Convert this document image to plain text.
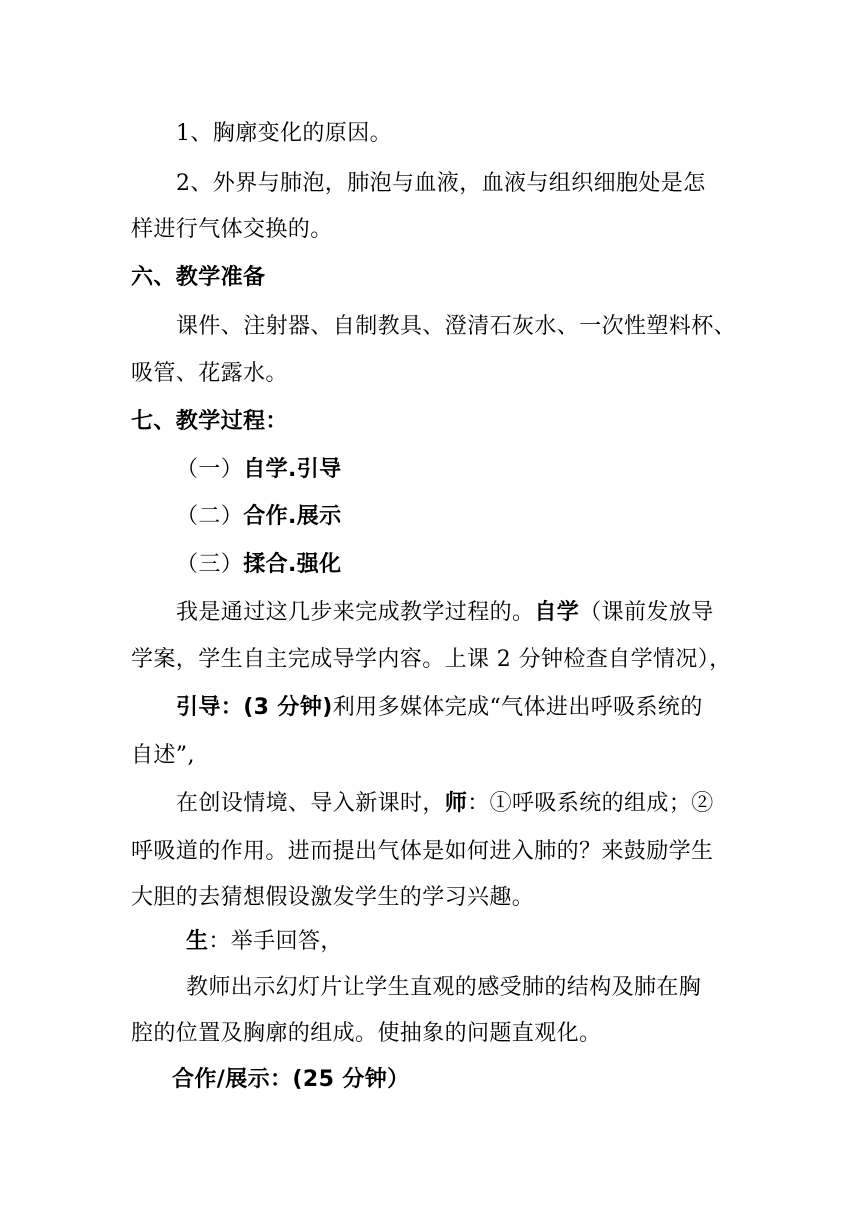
1、胸廓变化的原因。
2、外界与肺泡，肺泡与血液，血液与组织细胞处是怎
样进行气体交换的。
六、教学准备
课件、注射器、自制教具、澄清石灰水、一次性塑料杯、
吸管、花露水。
七、教学过程：
（一）自学.引导
（二）合作.展示
（三）揉合.强化
我是通过这几步来完成教学过程的。自学（课前发放导
学案，学生自主完成导学内容。上课 2 分钟检查自学情况），
引导：(3 分钟)利用多媒体完成“气体进出呼吸系统的
自述”,
在创设情境、导入新课时，师：①呼吸系统的组成；②
呼吸道的作用。进而提出气体是如何进入肺的？来鼓励学生
大胆的去猜想假设激发学生的学习兴趣。
生：举手回答，
教师出示幻灯片让学生直观的感受肺的结构及肺在胸
腔的位置及胸廓的组成。使抽象的问题直观化。
合作/展示：(25 分钟）
